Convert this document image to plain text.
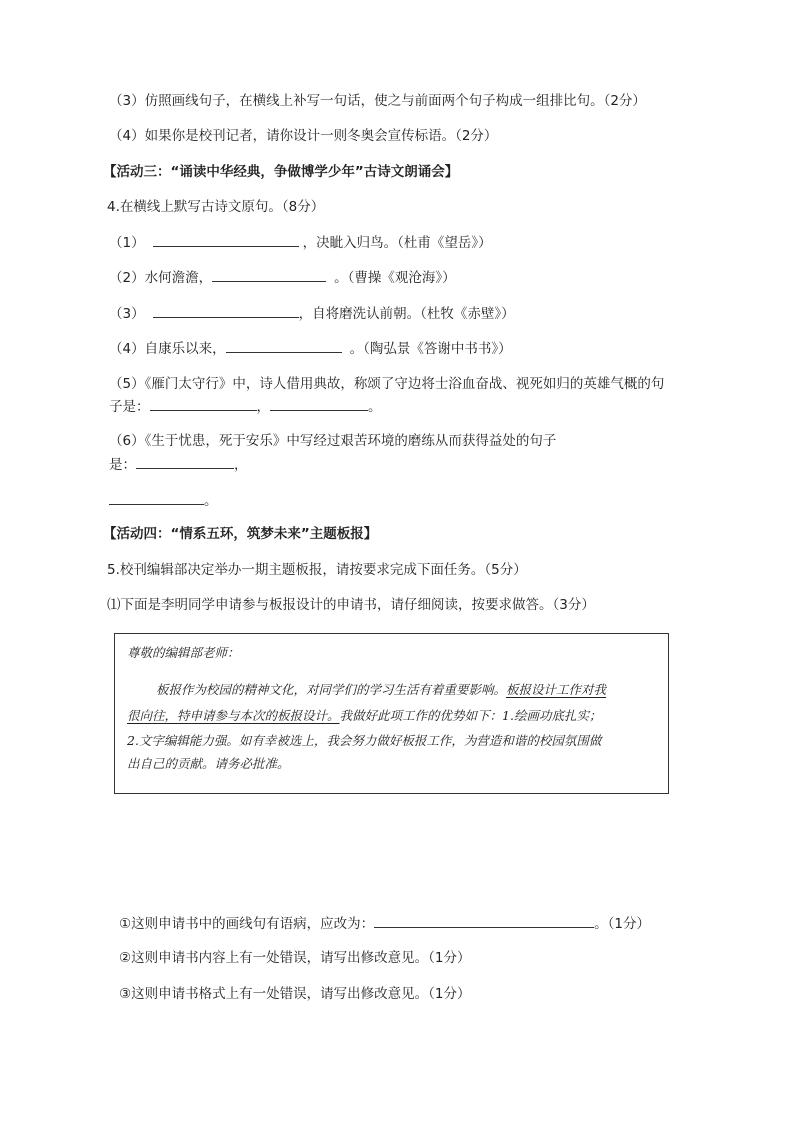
（3）仿照画线句子，在横线上补写一句话，使之与前面两个句子构成一组排比句。（2分）
（4）如果你是校刊记者，请你设计一则冬奥会宣传标语。（2分）
【活动三：“诵读中华经典，争做博学少年”古诗文朗诵会】
4.在横线上默写古诗文原句。（8分）
（1）	，决眦入归鸟。（杜甫《望岳》）
（2）水何澹澹，	。（曹操《观沧海》）
（3）	，自将磨洗认前朝。（杜牧《赤壁》）
（4）自康乐以来，	。（陶弘景《答谢中书书》）
（5）《雁门太守行》中，诗人借用典故，称颂了守边将士浴血奋战、视死如归的英雄气概的句
子是：	，	。
（6）《生于忧患，死于安乐》中写经过艰苦环境的磨练从而获得益处的句子
是：	，
。
【活动四：“情系五环，筑梦未来”主题板报】
5.校刊编辑部决定举办一期主题板报，请按要求完成下面任务。（5分）
⑴下面是李明同学申请参与板报设计的申请书，请仔细阅读，按要求做答。（3分）
尊敬的编辑部老师：
板报作为校园的精神文化，对同学们的学习生活有着重要影响。板报设计工作对我
很向往，特申请参与本次的板报设计。我做好此项工作的优势如下：1.绘画功底扎实；
2.文字编辑能力强。如有幸被选上，我会努力做好板报工作，为营造和谐的校园氛围做
出自己的贡献。请务必批准。
①这则申请书中的画线句有语病，应改为：	。（1分）
②这则申请书内容上有一处错误，请写出修改意见。（1分）
③这则申请书格式上有一处错误，请写出修改意见。（1分）
